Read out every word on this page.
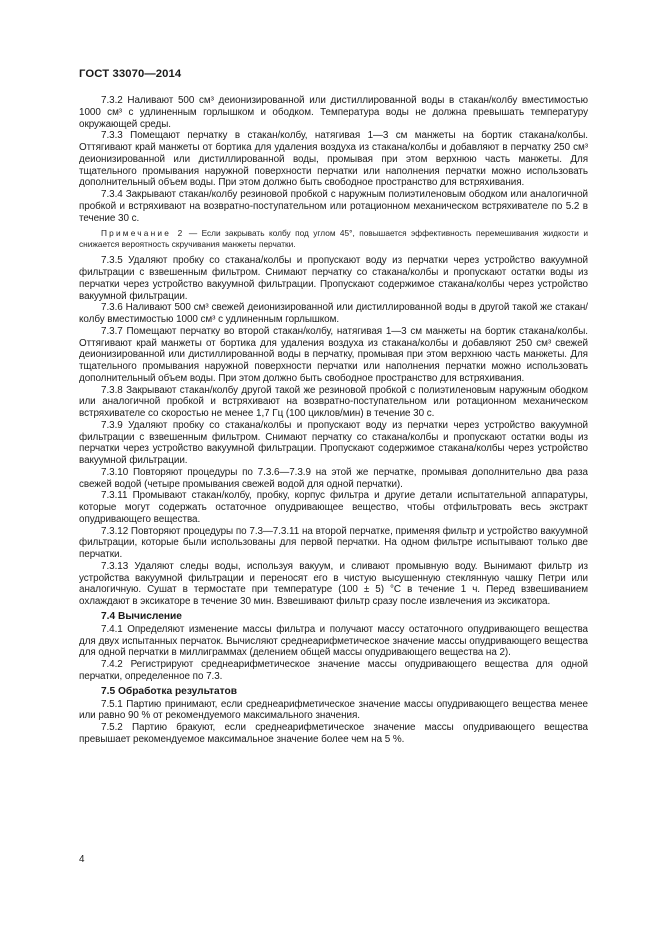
ГОСТ 33070—2014

7.3.2 Наливают 500 см³ деионизированной или дистиллированной воды в стакан/колбу вместимостью 1000 см³ с удлиненным горлышком и ободком. Температура воды не должна превышать температуру окружающей среды.

7.3.3 Помещают перчатку в стакан/колбу, натягивая 1—3 см манжеты на бортик стакана/колбы. Оттягивают край манжеты от бортика для удаления воздуха из стакана/колбы и добавляют в перчатку 250 см³ деионизированной или дистиллированной воды, промывая при этом верхнюю часть манжеты. Для тщательного промывания наружной поверхности перчатки или наполнения перчатки можно использовать дополнительный объем воды. При этом должно быть свободное пространство для встряхивания.

7.3.4 Закрывают стакан/колбу резиновой пробкой с наружным полиэтиленовым ободком или аналогичной пробкой и встряхивают на возвратно-поступательном или ротационном механическом встряхивателе по 5.2 в течение 30 с.

Примечание 2 — Если закрывать колбу под углом 45°, повышается эффективность перемешивания жидкости и снижается вероятность скручивания манжеты перчатки.

7.3.5 Удаляют пробку со стакана/колбы и пропускают воду из перчатки через устройство вакуумной фильтрации с взвешенным фильтром. Снимают перчатку со стакана/колбы и пропускают остатки воды из перчатки через устройство вакуумной фильтрации. Пропускают содержимое стакана/колбы через устройство вакуумной фильтрации.

7.3.6 Наливают 500 см³ свежей деионизированной или дистиллированной воды в другой такой же стакан/колбу вместимостью 1000 см³ с удлиненным горлышком.

7.3.7 Помещают перчатку во второй стакан/колбу, натягивая 1—3 см манжеты на бортик стакана/колбы. Оттягивают край манжеты от бортика для удаления воздуха из стакана/колбы и добавляют 250 см³ свежей деионизированной или дистиллированной воды в перчатку, промывая при этом верхнюю часть манжеты. Для тщательного промывания наружной поверхности перчатки или наполнения перчатки можно использовать дополнительный объем воды. При этом должно быть свободное пространство для встряхивания.

7.3.8 Закрывают стакан/колбу другой такой же резиновой пробкой с полиэтиленовым наружным ободком или аналогичной пробкой и встряхивают на возвратно-поступательном или ротационном механическом встряхивателе со скоростью не менее 1,7 Гц (100 циклов/мин) в течение 30 с.

7.3.9 Удаляют пробку со стакана/колбы и пропускают воду из перчатки через устройство вакуумной фильтрации с взвешенным фильтром. Снимают перчатку со стакана/колбы и пропускают остатки воды из перчатки через устройство вакуумной фильтрации. Пропускают содержимое стакана/колбы через устройство вакуумной фильтрации.

7.3.10 Повторяют процедуры по 7.3.6—7.3.9 на этой же перчатке, промывая дополнительно два раза свежей водой (четыре промывания свежей водой для одной перчатки).

7.3.11 Промывают стакан/колбу, пробку, корпус фильтра и другие детали испытательной аппаратуры, которые могут содержать остаточное опудривающее вещество, чтобы отфильтровать весь экстракт опудривающего вещества.

7.3.12 Повторяют процедуры по 7.3—7.3.11 на второй перчатке, применяя фильтр и устройство вакуумной фильтрации, которые были использованы для первой перчатки. На одном фильтре испытывают только две перчатки.

7.3.13 Удаляют следы воды, используя вакуум, и сливают промывную воду. Вынимают фильтр из устройства вакуумной фильтрации и переносят его в чистую высушенную стеклянную чашку Петри или аналогичную. Сушат в термостате при температуре (100 ± 5) °С в течение 1 ч. Перед взвешиванием охлаждают в эксикаторе в течение 30 мин. Взвешивают фильтр сразу после извлечения из эксикатора.

7.4 Вычисление

7.4.1 Определяют изменение массы фильтра и получают массу остаточного опудривающего вещества для двух испытанных перчаток. Вычисляют среднеарифметическое значение массы опудривающего вещества для одной перчатки в миллиграммах (делением общей массы опудривающего вещества на 2).

7.4.2 Регистрируют среднеарифметическое значение массы опудривающего вещества для одной перчатки, определенное по 7.3.

7.5 Обработка результатов

7.5.1 Партию принимают, если среднеарифметическое значение массы опудривающего вещества менее или равно 90 % от рекомендуемого максимального значения.

7.5.2 Партию бракуют, если среднеарифметическое значение массы опудривающего вещества превышает рекомендуемое максимальное значение более чем на 5 %.

4
